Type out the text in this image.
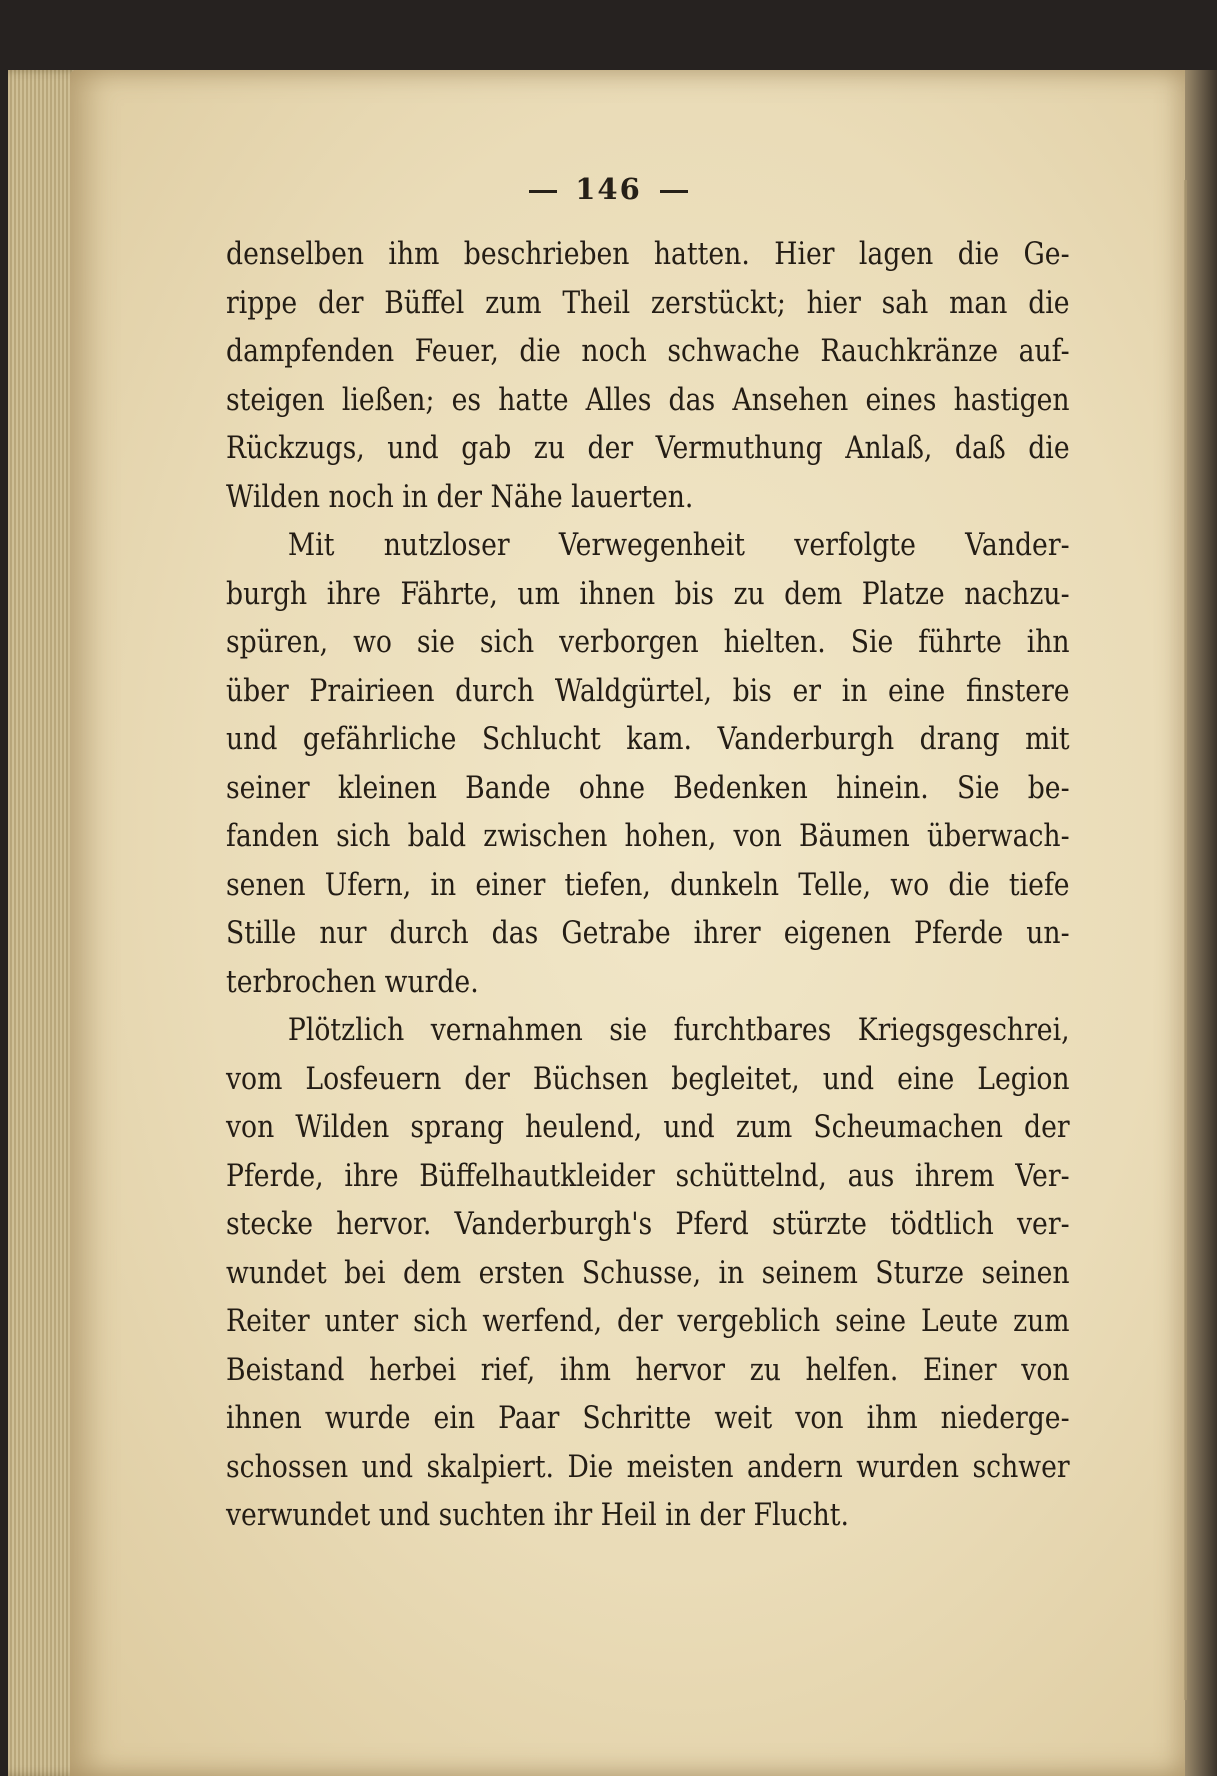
146
denselben ihm beschrieben hatten. Hier lagen die Ge-
rippe der Büffel zum Theil zerstückt; hier sah man die
dampfenden Feuer, die noch schwache Rauchkränze auf-
steigen ließen; es hatte Alles das Ansehen eines hastigen
Rückzugs, und gab zu der Vermuthung Anlaß, daß die
Wilden noch in der Nähe lauerten.
Mit nutzloser Verwegenheit verfolgte Vander-
burgh ihre Fährte, um ihnen bis zu dem Platze nachzu-
spüren, wo sie sich verborgen hielten. Sie führte ihn
über Prairieen durch Waldgürtel, bis er in eine finstere
und gefährliche Schlucht kam. Vanderburgh drang mit
seiner kleinen Bande ohne Bedenken hinein. Sie be-
fanden sich bald zwischen hohen, von Bäumen überwach-
senen Ufern, in einer tiefen, dunkeln Telle, wo die tiefe
Stille nur durch das Getrabe ihrer eigenen Pferde un-
terbrochen wurde.
Plötzlich vernahmen sie furchtbares Kriegsgeschrei,
vom Losfeuern der Büchsen begleitet, und eine Legion
von Wilden sprang heulend, und zum Scheumachen der
Pferde, ihre Büffelhautkleider schüttelnd, aus ihrem Ver-
stecke hervor. Vanderburgh's Pferd stürzte tödtlich ver-
wundet bei dem ersten Schusse, in seinem Sturze seinen
Reiter unter sich werfend, der vergeblich seine Leute zum
Beistand herbei rief, ihm hervor zu helfen. Einer von
ihnen wurde ein Paar Schritte weit von ihm niederge-
schossen und skalpiert. Die meisten andern wurden schwer
verwundet und suchten ihr Heil in der Flucht.
